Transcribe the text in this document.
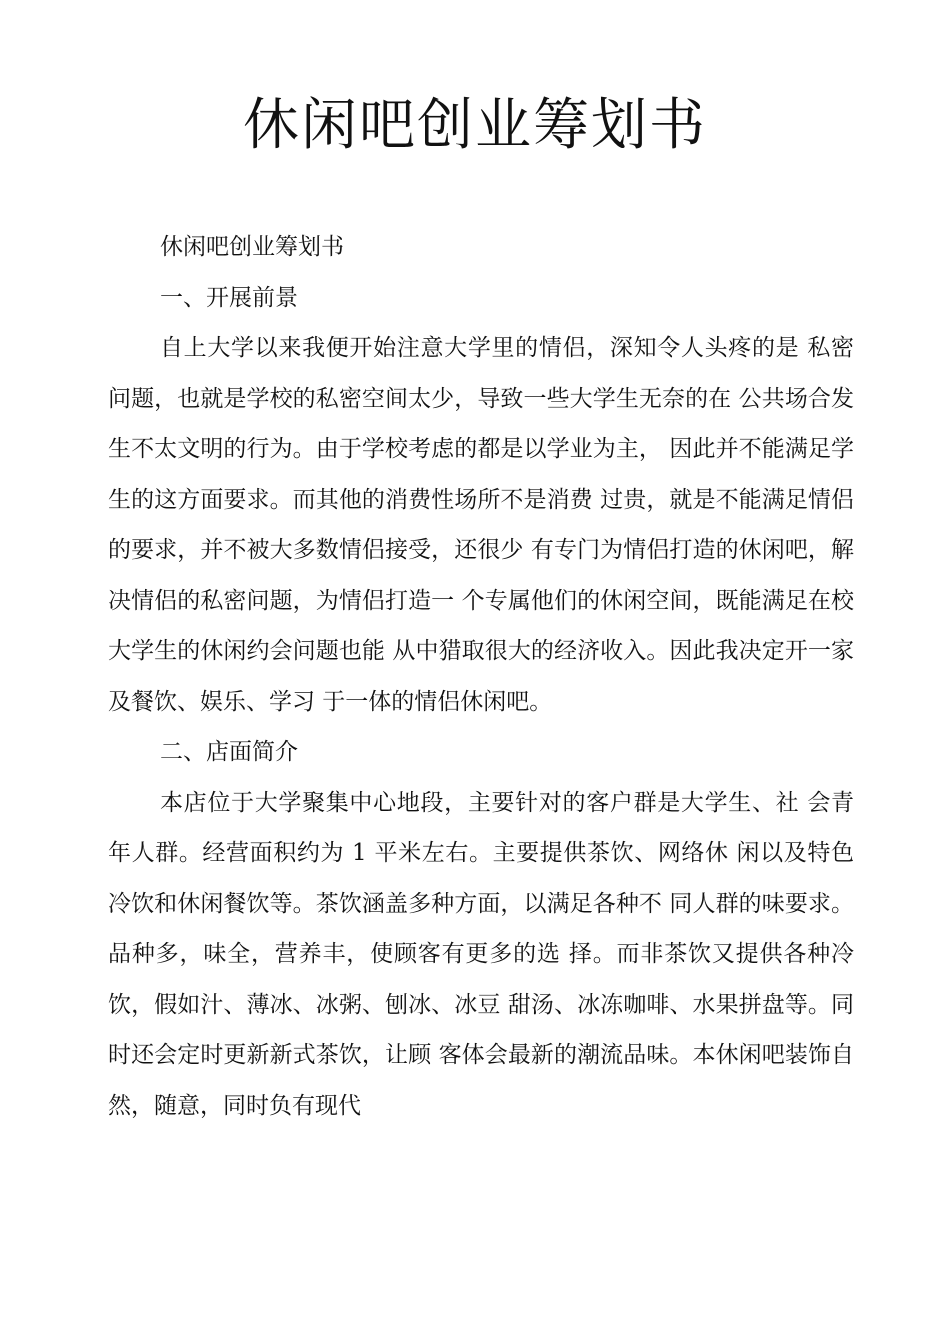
休闲吧创业筹划书

休闲吧创业筹划书

一、开展前景

自上大学以来我便开始注意大学里的情侣，深知令人头疼的是 私密问题，也就是学校的私密空间太少，导致一些大学生无奈的在 公共场合发生不太文明的行为。由于学校考虑的都是以学业为主， 因此并不能满足学生的这方面要求。而其他的消费性场所不是消费 过贵，就是不能满足情侣的要求，并不被大多数情侣接受，还很少 有专门为情侣打造的休闲吧，解决情侣的私密问题，为情侣打造一 个专属他们的休闲空间，既能满足在校大学生的休闲约会问题也能 从中猎取很大的经济收入。因此我决定开一家及餐饮、娱乐、学习 于一体的情侣休闲吧。

二、店面简介

本店位于大学聚集中心地段，主要针对的客户群是大学生、社 会青年人群。经营面积约为 1 平米左右。主要提供茶饮、网络休 闲以及特色冷饮和休闲餐饮等。茶饮涵盖多种方面，以满足各种不 同人群的味要求。品种多，味全，营养丰，使顾客有更多的选 择。而非茶饮又提供各种冷饮，假如汁、薄冰、冰粥、刨冰、冰豆 甜汤、冰冻咖啡、水果拼盘等。同时还会定时更新新式茶饮，让顾 客体会最新的潮流品味。本休闲吧装饰自然，随意，同时负有现代
